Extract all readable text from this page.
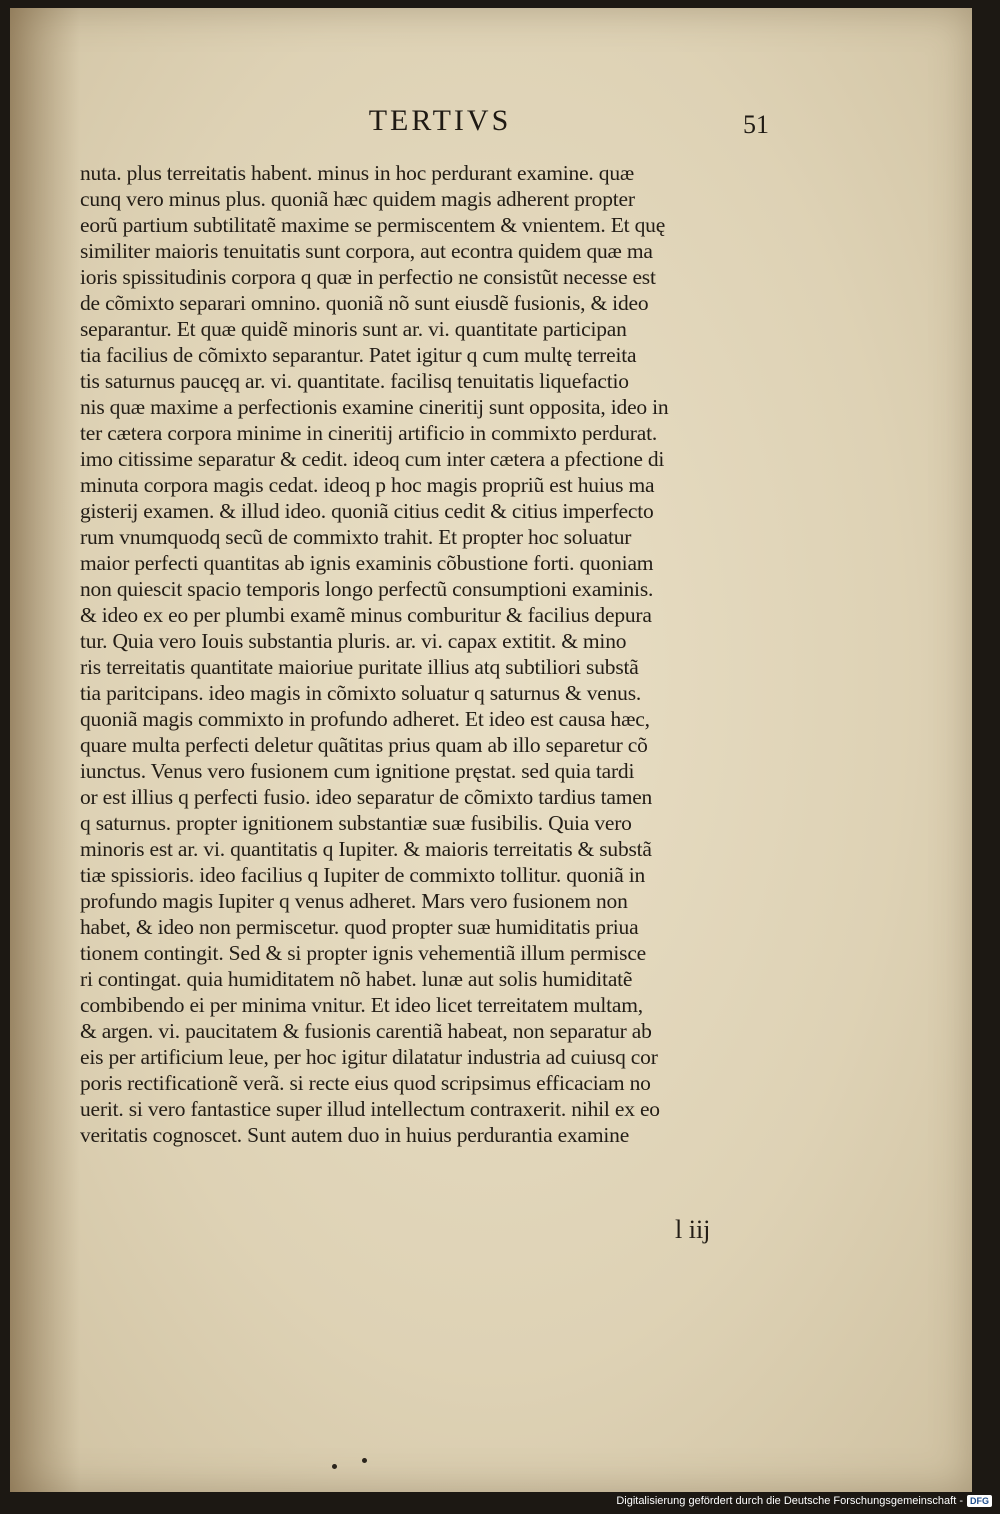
TERTIVS	51
nuta. plus terreitatis habent. minus in hoc perdurant examine. quæ
cunq vero minus plus. quoniã hæc quidem magis adherent propter
eorũ partium subtilitatẽ maxime se permiscentem & vnientem. Et quę
similiter maioris tenuitatis sunt corpora, aut econtra quidem quæ ma
ioris spissitudinis corpora q quæ in perfectio ne consistũt necesse est
de cõmixto separari omnino. quoniã nõ sunt eiusdẽ fusionis, & ideo
separantur. Et quæ quidẽ minoris sunt ar. vi. quantitate participan
tia facilius de cõmixto separantur. Patet igitur q cum multę terreita
tis saturnus paucęq ar. vi. quantitate. facilisq tenuitatis liquefactio
nis quæ maxime a perfectionis examine cineritij sunt opposita, ideo in
ter cætera corpora minime in cineritij artificio in commixto perdurat.
imo citissime separatur & cedit. ideoq cum inter cætera a pfectione di
minuta corpora magis cedat. ideoq p hoc magis propriũ est huius ma
gisterij examen. & illud ideo. quoniã citius cedit & citius imperfecto
rum vnumquodq secũ de commixto trahit. Et propter hoc soluatur
maior perfecti quantitas ab ignis examinis cõbustione forti. quoniam
non quiescit spacio temporis longo perfectũ consumptioni examinis.
& ideo ex eo per plumbi examẽ minus comburitur & facilius depura
tur. Quia vero Iouis substantia pluris. ar. vi. capax extitit. & mino
ris terreitatis quantitate maioriue puritate illius atq subtiliori substã
tia paritcipans. ideo magis in cõmixto soluatur q saturnus & venus.
quoniã magis commixto in profundo adheret. Et ideo est causa hæc,
quare multa perfecti deletur quãtitas prius quam ab illo separetur cõ
iunctus. Venus vero fusionem cum ignitione pręstat. sed quia tardi
or est illius q perfecti fusio. ideo separatur de cõmixto tardius tamen
q saturnus. propter ignitionem substantiæ suæ fusibilis. Quia vero
minoris est ar. vi. quantitatis q Iupiter. & maioris terreitatis & substã
tiæ spissioris. ideo facilius q Iupiter de commixto tollitur. quoniã in
profundo magis Iupiter q venus adheret. Mars vero fusionem non
habet, & ideo non permiscetur. quod propter suæ humiditatis priua
tionem contingit. Sed & si propter ignis vehementiã illum permisce
ri contingat. quia humiditatem nõ habet. lunæ aut solis humiditatẽ
combibendo ei per minima vnitur. Et ideo licet terreitatem multam,
& argen. vi. paucitatem & fusionis carentiã habeat, non separatur ab
eis per artificium leue, per hoc igitur dilatatur industria ad cuiusq cor
poris rectificationẽ verã. si recte eius quod scripsimus efficaciam no
uerit. si vero fantastice super illud intellectum contraxerit. nihil ex eo
veritatis cognoscet. Sunt autem duo in huius perdurantia examine
l iij
Digitalisierung gefördert durch die Deutsche Forschungsgemeinschaft - DFG
